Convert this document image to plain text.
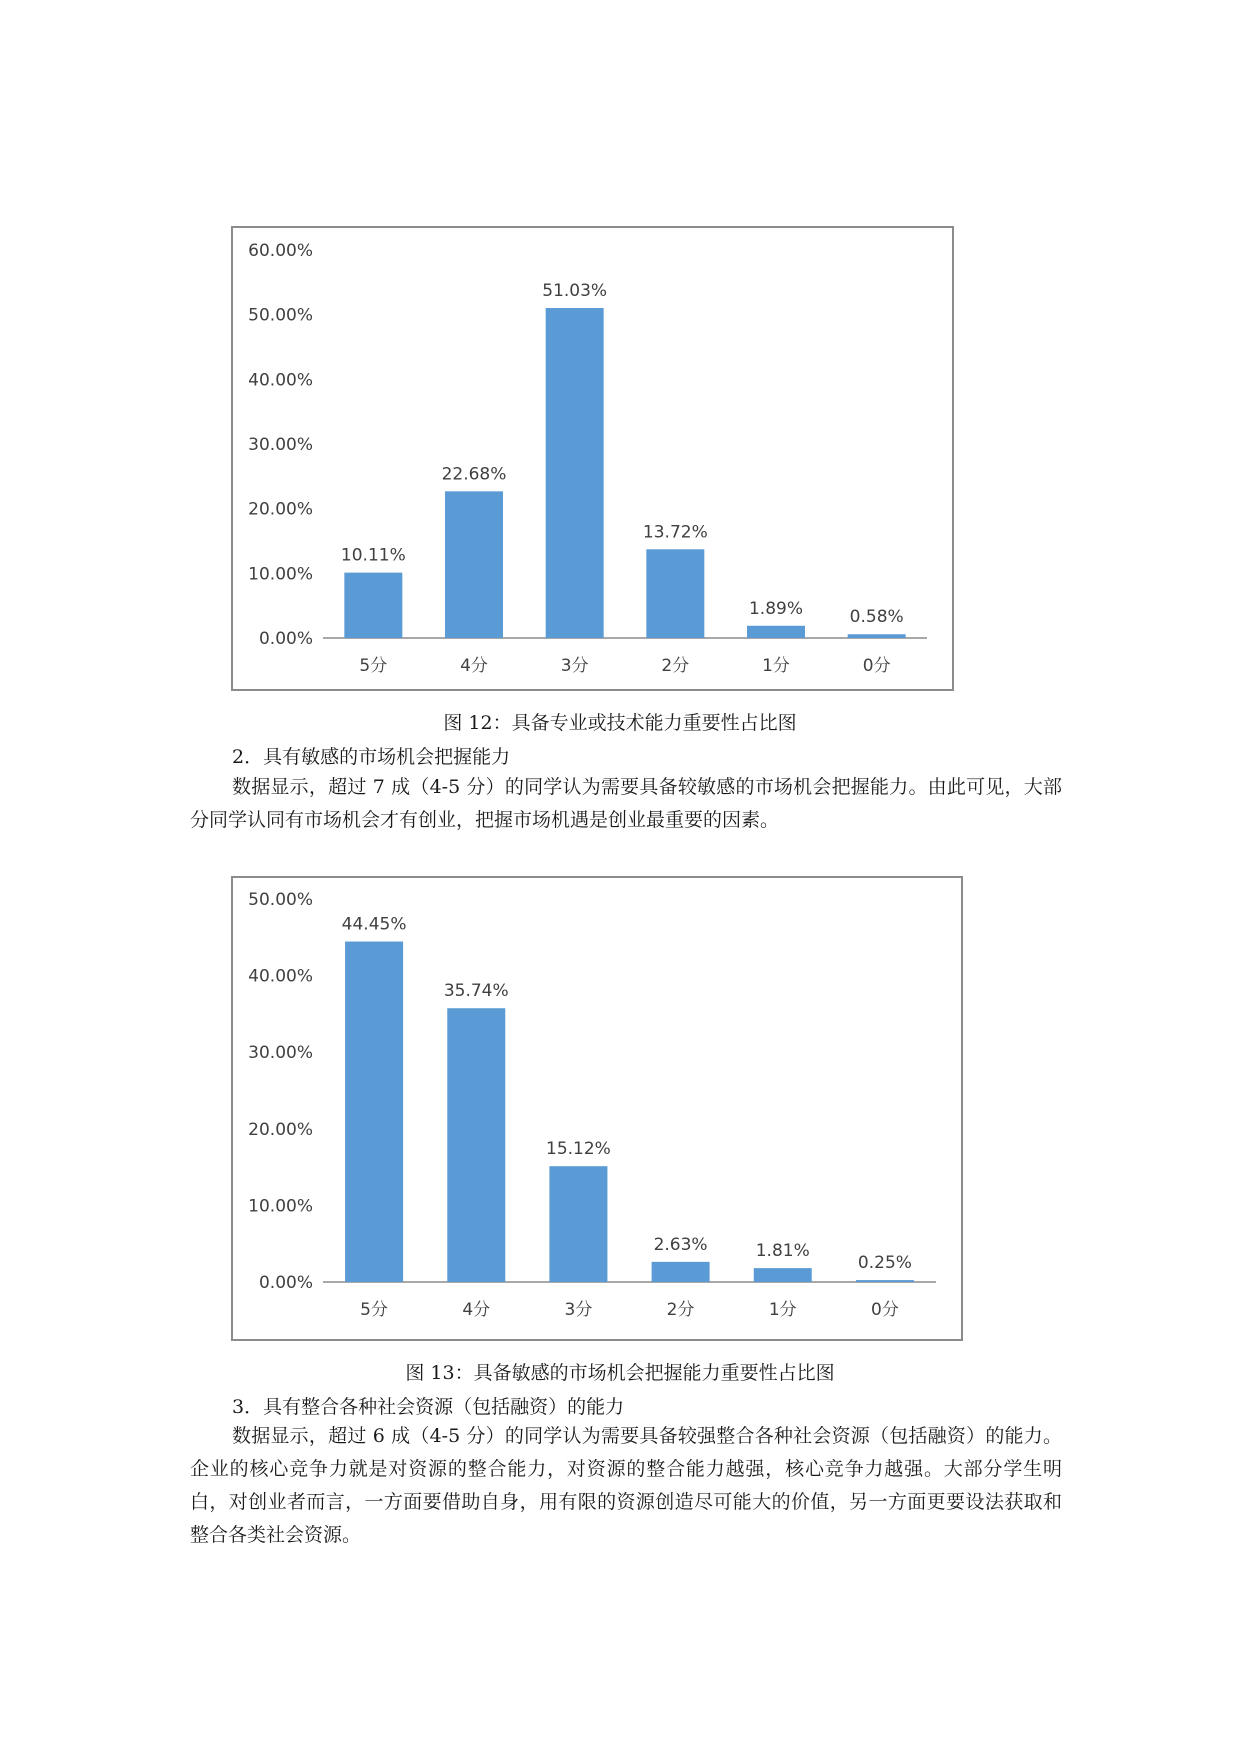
0.00%
10.00%
20.00%
30.00%
40.00%
50.00%
60.00%
10.11%
5分
22.68%
4分
51.03%
3分
13.72%
2分
1.89%
1分
0.58%
0分
图 12：具备专业或技术能力重要性占比图
2．具有敏感的市场机会把握能力
数据显示，超过 7 成（4-5 分）的同学认为需要具备较敏感的市场机会把握能力。由此可见，大部分同学认同有市场机会才有创业，把握市场机遇是创业最重要的因素。
0.00%
10.00%
20.00%
30.00%
40.00%
50.00%
44.45%
5分
35.74%
4分
15.12%
3分
2.63%
2分
1.81%
1分
0.25%
0分
图 13：具备敏感的市场机会把握能力重要性占比图
3．具有整合各种社会资源（包括融资）的能力
数据显示，超过 6 成（4-5 分）的同学认为需要具备较强整合各种社会资源（包括融资）的能力。企业的核心竞争力就是对资源的整合能力，对资源的整合能力越强，核心竞争力越强。大部分学生明白，对创业者而言，一方面要借助自身，用有限的资源创造尽可能大的价值，另一方面更要设法获取和整合各类社会资源。
